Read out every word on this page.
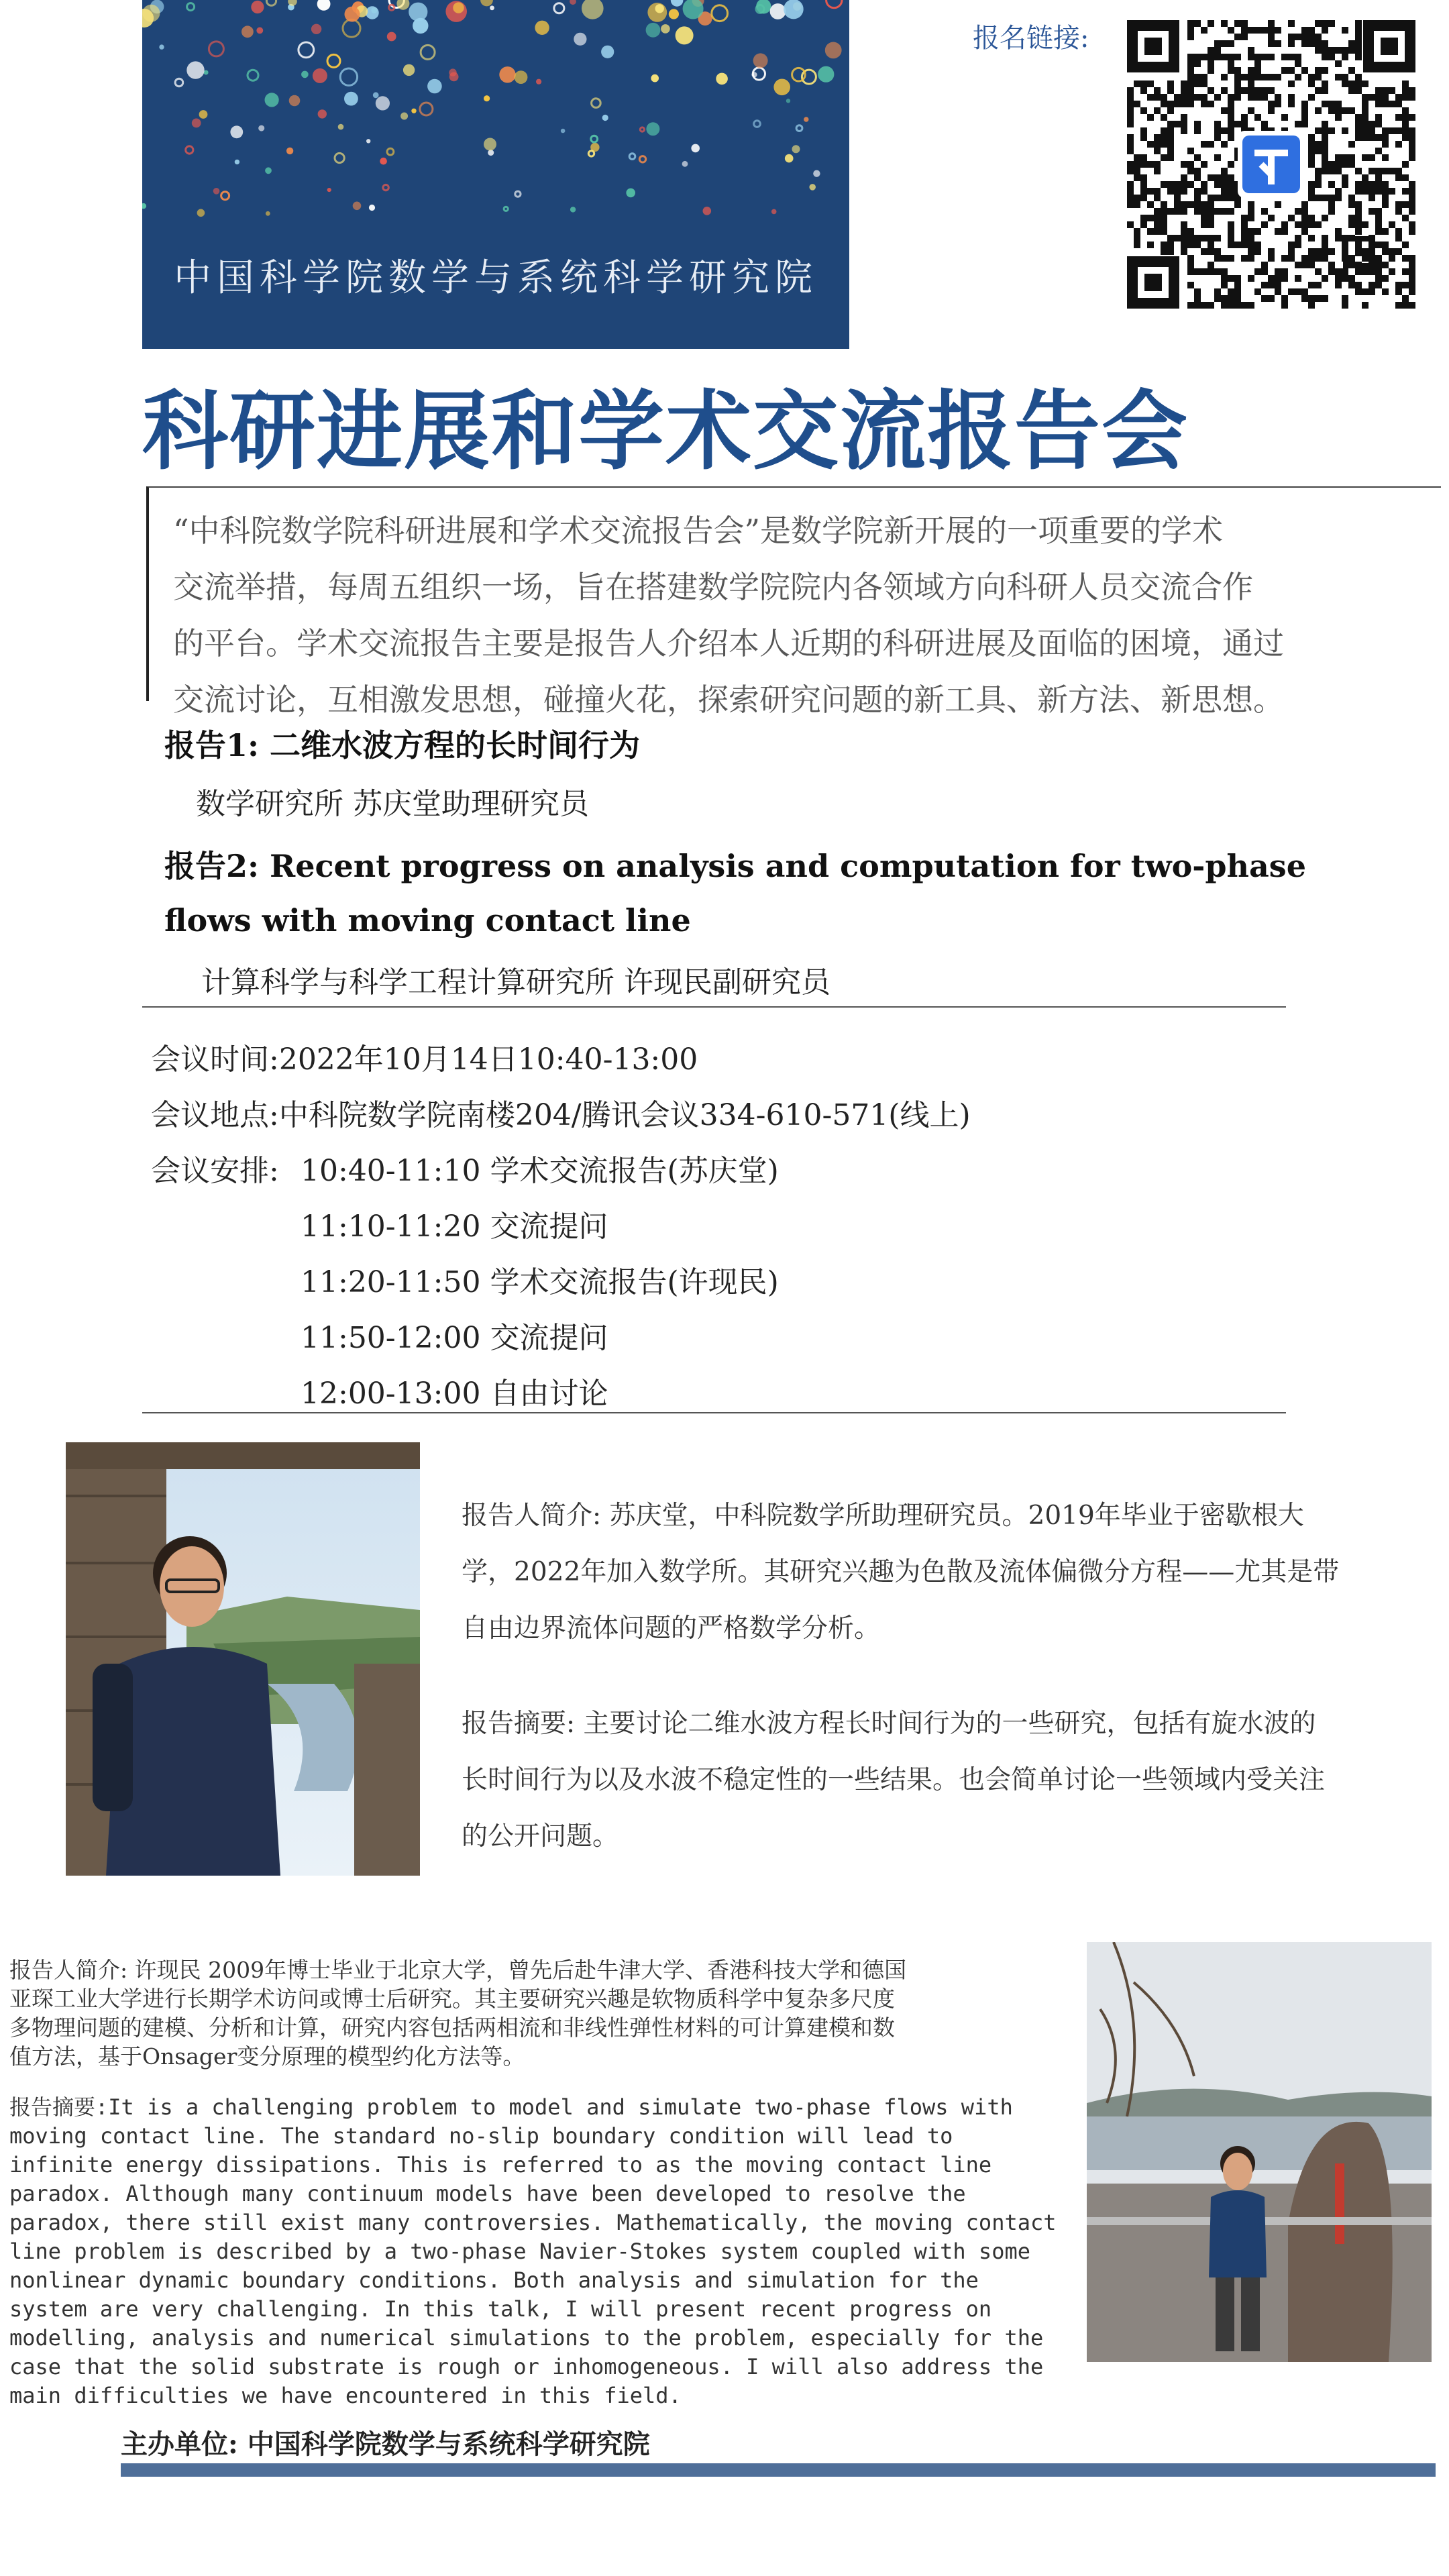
中国科学院数学与系统科学研究院
报名链接:
科研进展和学术交流报告会

“中科院数学院科研进展和学术交流报告会”是数学院新开展的一项重要的学术

交流举措，每周五组织一场，旨在搭建数学院院内各领域方向科研人员交流合作

的平台。学术交流报告主要是报告人介绍本人近期的科研进展及面临的困境，通过

交流讨论，互相激发思想，碰撞火花，探索研究问题的新工具、新方法、新思想。

报告1: 二维水波方程的长时间行为
数学研究所 苏庆堂助理研究员
报告2: Recent progress on analysis and computation for two-phase
flows with moving contact line
计算科学与科学工程计算研究所 许现民副研究员
会议时间:2022年10月14日10:40-13:00
会议地点:中科院数学院南楼204/腾讯会议334-610-571(线上)
会议安排: 10:40-11:10 学术交流报告(苏庆堂)
11:10-11:20 交流提问
11:20-11:50 学术交流报告(许现民)
11:50-12:00 交流提问
12:00-13:00 自由讨论
报告人简介: 苏庆堂，中科院数学所助理研究员。2019年毕业于密歇根大
学，2022年加入数学所。其研究兴趣为色散及流体偏微分方程——尤其是带
自由边界流体问题的严格数学分析。
报告摘要: 主要讨论二维水波方程长时间行为的一些研究，包括有旋水波的
长时间行为以及水波不稳定性的一些结果。也会简单讨论一些领域内受关注
的公开问题。
报告人简介: 许现民 2009年博士毕业于北京大学，曾先后赴牛津大学、香港科技大学和德国
亚琛工业大学进行长期学术访问或博士后研究。其主要研究兴趣是软物质科学中复杂多尺度
多物理问题的建模、分析和计算，研究内容包括两相流和非线性弹性材料的可计算建模和数
值方法，基于Onsager变分原理的模型约化方法等。
报告摘要:It is a challenging problem to model and simulate two-phase flows with
moving contact line. The standard no-slip boundary condition will lead to
infinite energy dissipations. This is referred to as the moving contact line
paradox. Although many continuum models have been developed to resolve the
paradox, there still exist many controversies. Mathematically, the moving contact
line problem is described by a two-phase Navier-Stokes system coupled with some
nonlinear dynamic boundary conditions. Both analysis and simulation for the
system are very challenging. In this talk, I will present recent progress on
modelling, analysis and numerical simulations to the problem, especially for the
case that the solid substrate is rough or inhomogeneous. I will also address the
main difficulties we have encountered in this field.
主办单位: 中国科学院数学与系统科学研究院
